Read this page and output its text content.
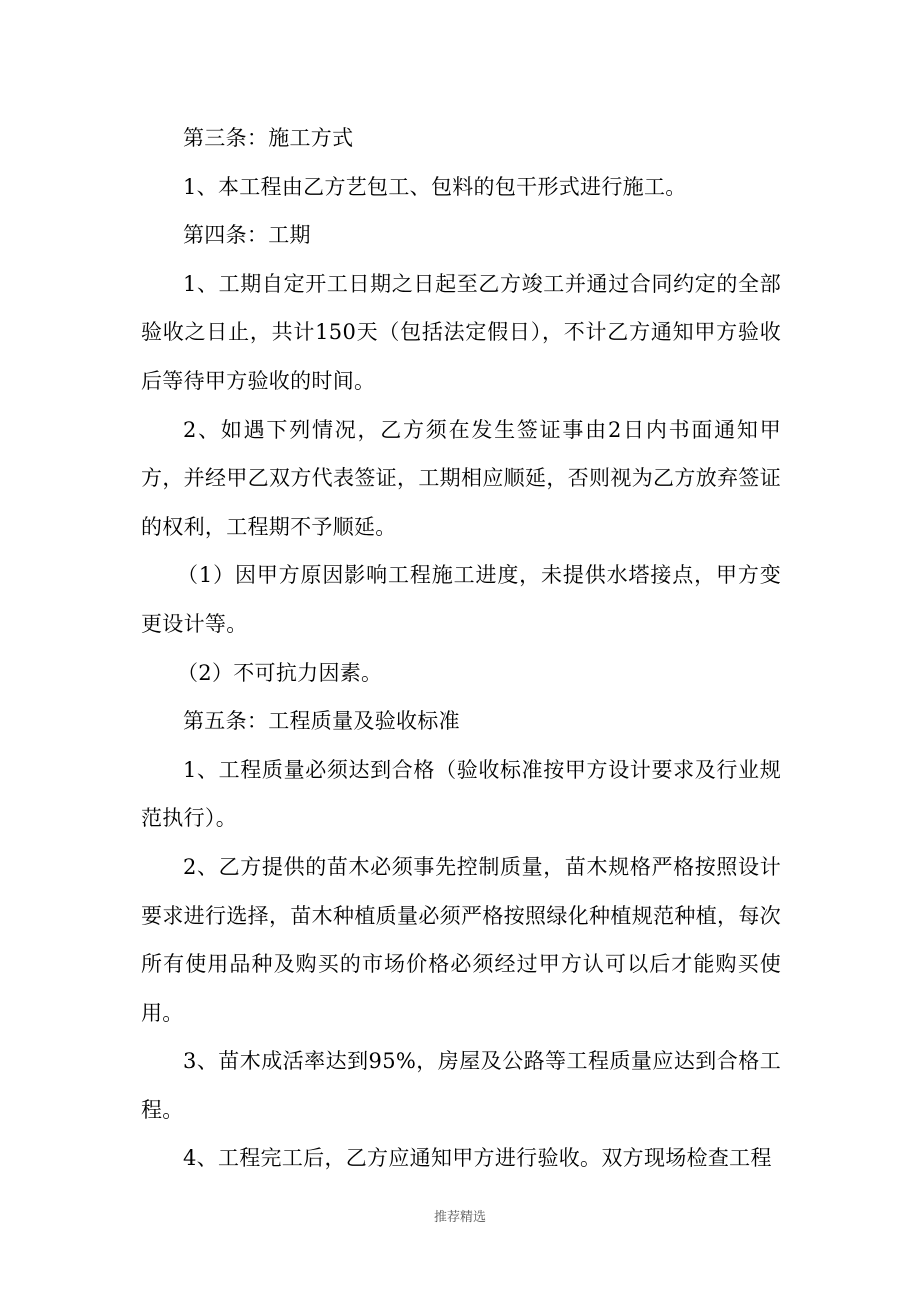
第三条：施工方式

1、本工程由乙方艺包工、包料的包干形式进行施工。

第四条：工期

1、工期自定开工日期之日起至乙方竣工并通过合同约定的全部验收之日止，共计150天（包括法定假日），不计乙方通知甲方验收后等待甲方验收的时间。

2、如遇下列情况，乙方须在发生签证事由2日内书面通知甲方，并经甲乙双方代表签证，工期相应顺延，否则视为乙方放弃签证的权利，工程期不予顺延。

（1）因甲方原因影响工程施工进度，未提供水塔接点，甲方变更设计等。

（2）不可抗力因素。

第五条：工程质量及验收标准

1、工程质量必须达到合格（验收标准按甲方设计要求及行业规范执行）。

2、乙方提供的苗木必须事先控制质量，苗木规格严格按照设计要求进行选择，苗木种植质量必须严格按照绿化种植规范种植，每次所有使用品种及购买的市场价格必须经过甲方认可以后才能购买使用。

3、苗木成活率达到95%，房屋及公路等工程质量应达到合格工程。

4、工程完工后，乙方应通知甲方进行验收。双方现场检查工程

推荐精选
